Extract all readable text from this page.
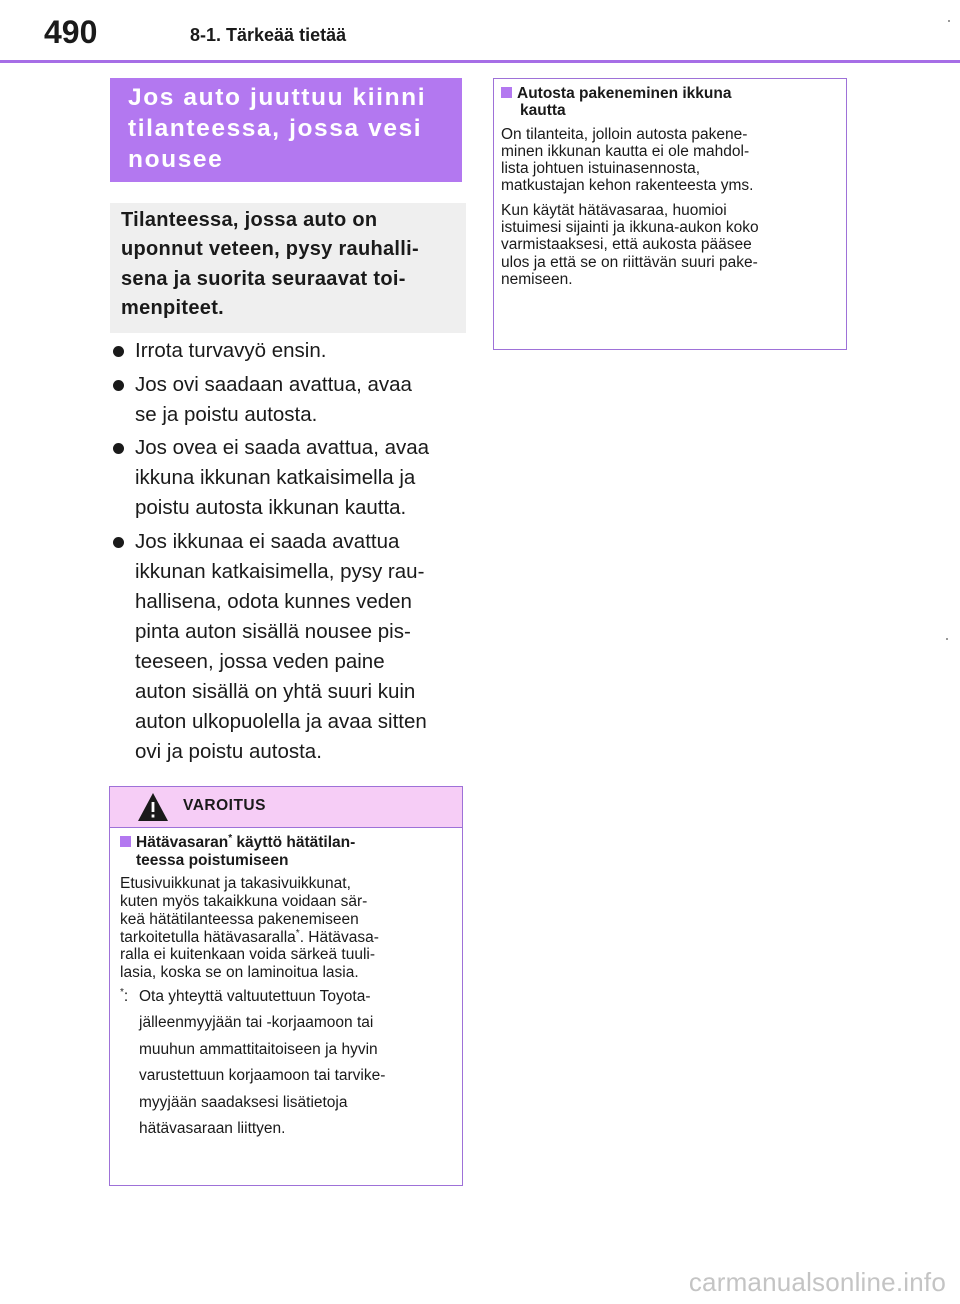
490	8-1. Tärkeää tietää
Jos auto juuttuu kiinni
tilanteessa, jossa vesi
nousee
Tilanteessa, jossa auto on
uponnut veteen, pysy rauhalli-
sena ja suorita seuraavat toi-
menpiteet.
Irrota turvavyö ensin.
Jos ovi saadaan avattua, avaa
se ja poistu autosta.
Jos ovea ei saada avattua, avaa
ikkuna ikkunan katkaisimella ja
poistu autosta ikkunan kautta.
Jos ikkunaa ei saada avattua
ikkunan katkaisimella, pysy rau-
hallisena, odota kunnes veden
pinta auton sisällä nousee pis-
teeseen, jossa veden paine
auton sisällä on yhtä suuri kuin
auton ulkopuolella ja avaa sitten
ovi ja poistu autosta.
VAROITUS
Hätävasaran* käyttö hätätilan-
teessa poistumiseen
Etusivuikkunat ja takasivuikkunat,
kuten myös takaikkuna voidaan sär-
keä hätätilanteessa pakenemiseen
tarkoitetulla hätävasaralla*. Hätävasa-
ralla ei kuitenkaan voida särkeä tuuli-
lasia, koska se on laminoitua lasia.
*: Ota yhteyttä valtuutettuun Toyota-
jälleenmyyjään tai -korjaamoon tai
muuhun ammattitaitoiseen ja hyvin
varustettuun korjaamoon tai tarvike-
myyjään saadaksesi lisätietoja
hätävasaraan liittyen.
Autosta pakeneminen ikkuna
kautta
On tilanteita, jolloin autosta pakene-
minen ikkunan kautta ei ole mahdol-
lista johtuen istuinasennosta,
matkustajan kehon rakenteesta yms.
Kun käytät hätävasaraa, huomioi
istuimesi sijainti ja ikkuna-aukon koko
varmistaaksesi, että aukosta pääsee
ulos ja että se on riittävän suuri pake-
nemiseen.
carmanualsonline.info
